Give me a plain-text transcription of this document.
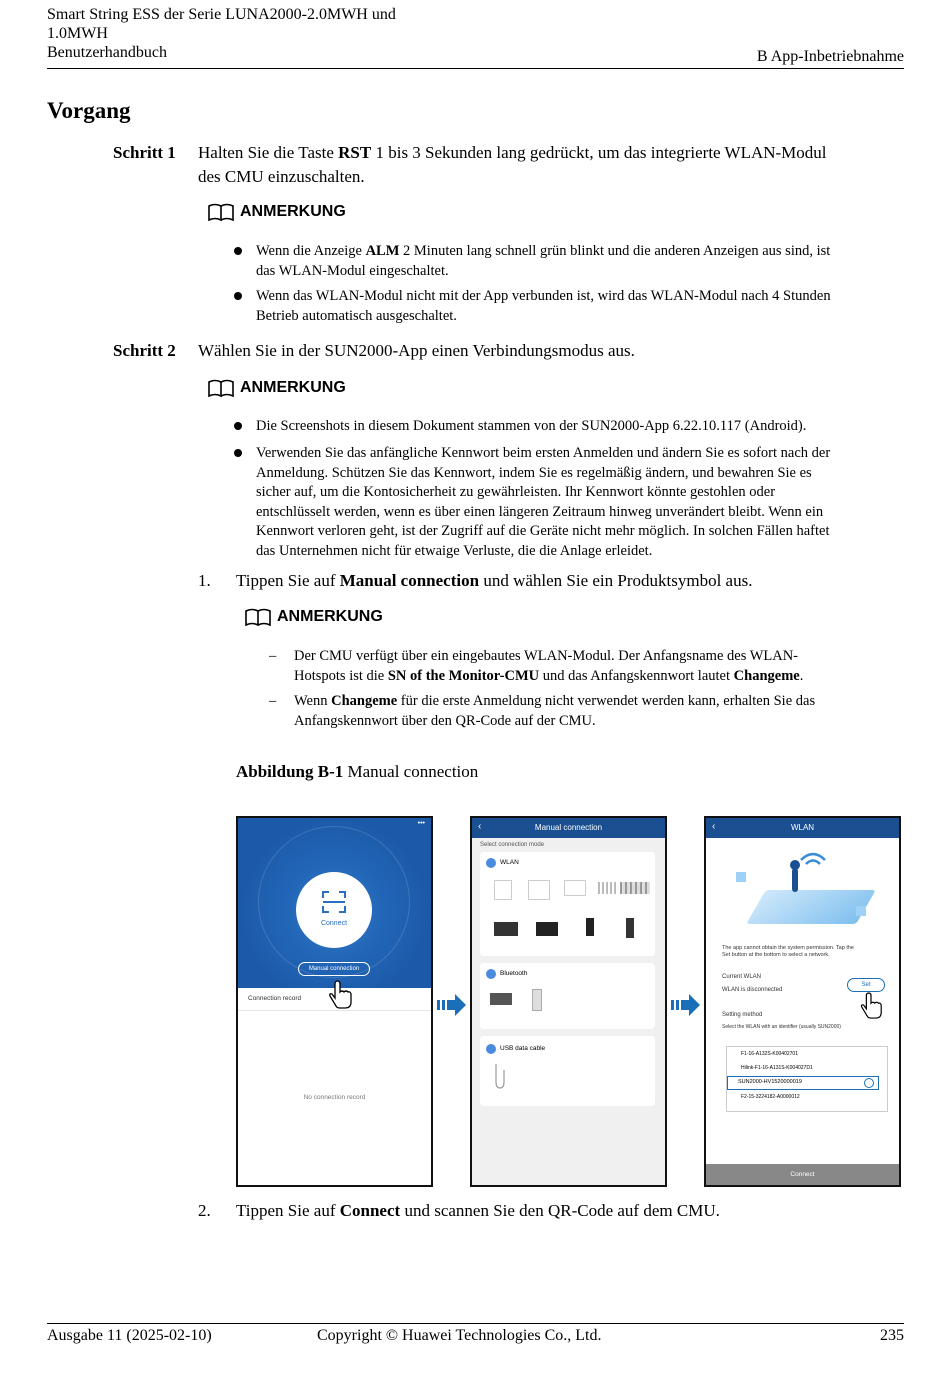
Smart String ESS der Serie LUNA2000-2.0MWH und
1.0MWH
Benutzerhandbuch	B App-Inbetriebnahme
Vorgang
Schritt 1 Halten Sie die Taste RST 1 bis 3 Sekunden lang gedrückt, um das integrierte WLAN-Modul
des CMU einzuschalten.
ANMERKUNG
Wenn die Anzeige ALM 2 Minuten lang schnell grün blinkt und die anderen Anzeigen aus sind, ist
das WLAN-Modul eingeschaltet.
Wenn das WLAN-Modul nicht mit der App verbunden ist, wird das WLAN-Modul nach 4 Stunden
Betrieb automatisch ausgeschaltet.
Schritt 2 Wählen Sie in der SUN2000-App einen Verbindungsmodus aus.
ANMERKUNG
Die Screenshots in diesem Dokument stammen von der SUN2000-App 6.22.10.117 (Android).
Verwenden Sie das anfängliche Kennwort beim ersten Anmelden und ändern Sie es sofort nach der
Anmeldung. Schützen Sie das Kennwort, indem Sie es regelmäßig ändern, und bewahren Sie es
sicher auf, um die Kontosicherheit zu gewährleisten. Ihr Kennwort könnte gestohlen oder
entschlüsselt werden, wenn es über einen längeren Zeitraum hinweg unverändert bleibt. Wenn ein
Kennwort verloren geht, ist der Zugriff auf die Geräte nicht mehr möglich. In solchen Fällen haftet
das Unternehmen nicht für etwaige Verluste, die die Anlage erleidet.
1. Tippen Sie auf Manual connection und wählen Sie ein Produktsymbol aus.
ANMERKUNG
– Der CMU verfügt über ein eingebautes WLAN-Modul. Der Anfangsname des WLAN-
Hotspots ist die SN of the Monitor-CMU und das Anfangskennwort lautet Changeme.
– Wenn Changeme für die erste Anmeldung nicht verwendet werden kann, erhalten Sie das
Anfangskennwort über den QR-Code auf der CMU.
Abbildung B-1 Manual connection
•••
Connect
Manual connection
Connection record
No connection record
‹	Manual connection
Select connection mode
WLAN
Bluetooth
USB data cable
‹	WLAN
The app cannot obtain the system permission. Tap the
Set button at the bottom to select a network.
Current WLAN
WLAN is disconnected
Set
Setting method
Select the WLAN with an identifier (usually SUN2000)
F1-16-A132S-K00402701
Hilink-F1-16-A131S-K004027D1
SUN2000-HV1520000019
F2-15-3224182-A0000012
Connect
2. Tippen Sie auf Connect und scannen Sie den QR-Code auf dem CMU.
Ausgabe 11 (2025-02-10)	Copyright © Huawei Technologies Co., Ltd.	235
